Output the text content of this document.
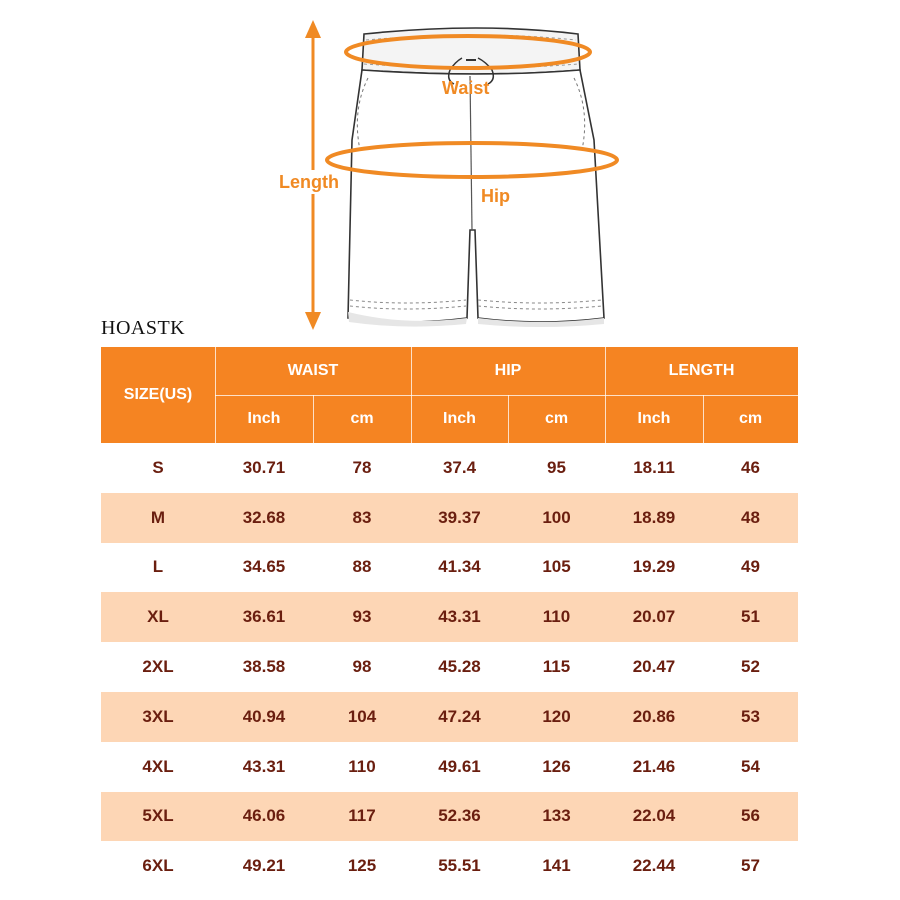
Waist
Hip
Length
HOASTK
SIZE(US)
WAIST	HIP	LENGTH
Inch	cm	Inch	cm	Inch	cm
S	30.71	78	37.4	95	18.11	46
M	32.68	83	39.37	100	18.89	48
L	34.65	88	41.34	105	19.29	49
XL	36.61	93	43.31	110	20.07	51
2XL	38.58	98	45.28	115	20.47	52
3XL	40.94	104	47.24	120	20.86	53
4XL	43.31	110	49.61	126	21.46	54
5XL	46.06	117	52.36	133	22.04	56
6XL	49.21	125	55.51	141	22.44	57
